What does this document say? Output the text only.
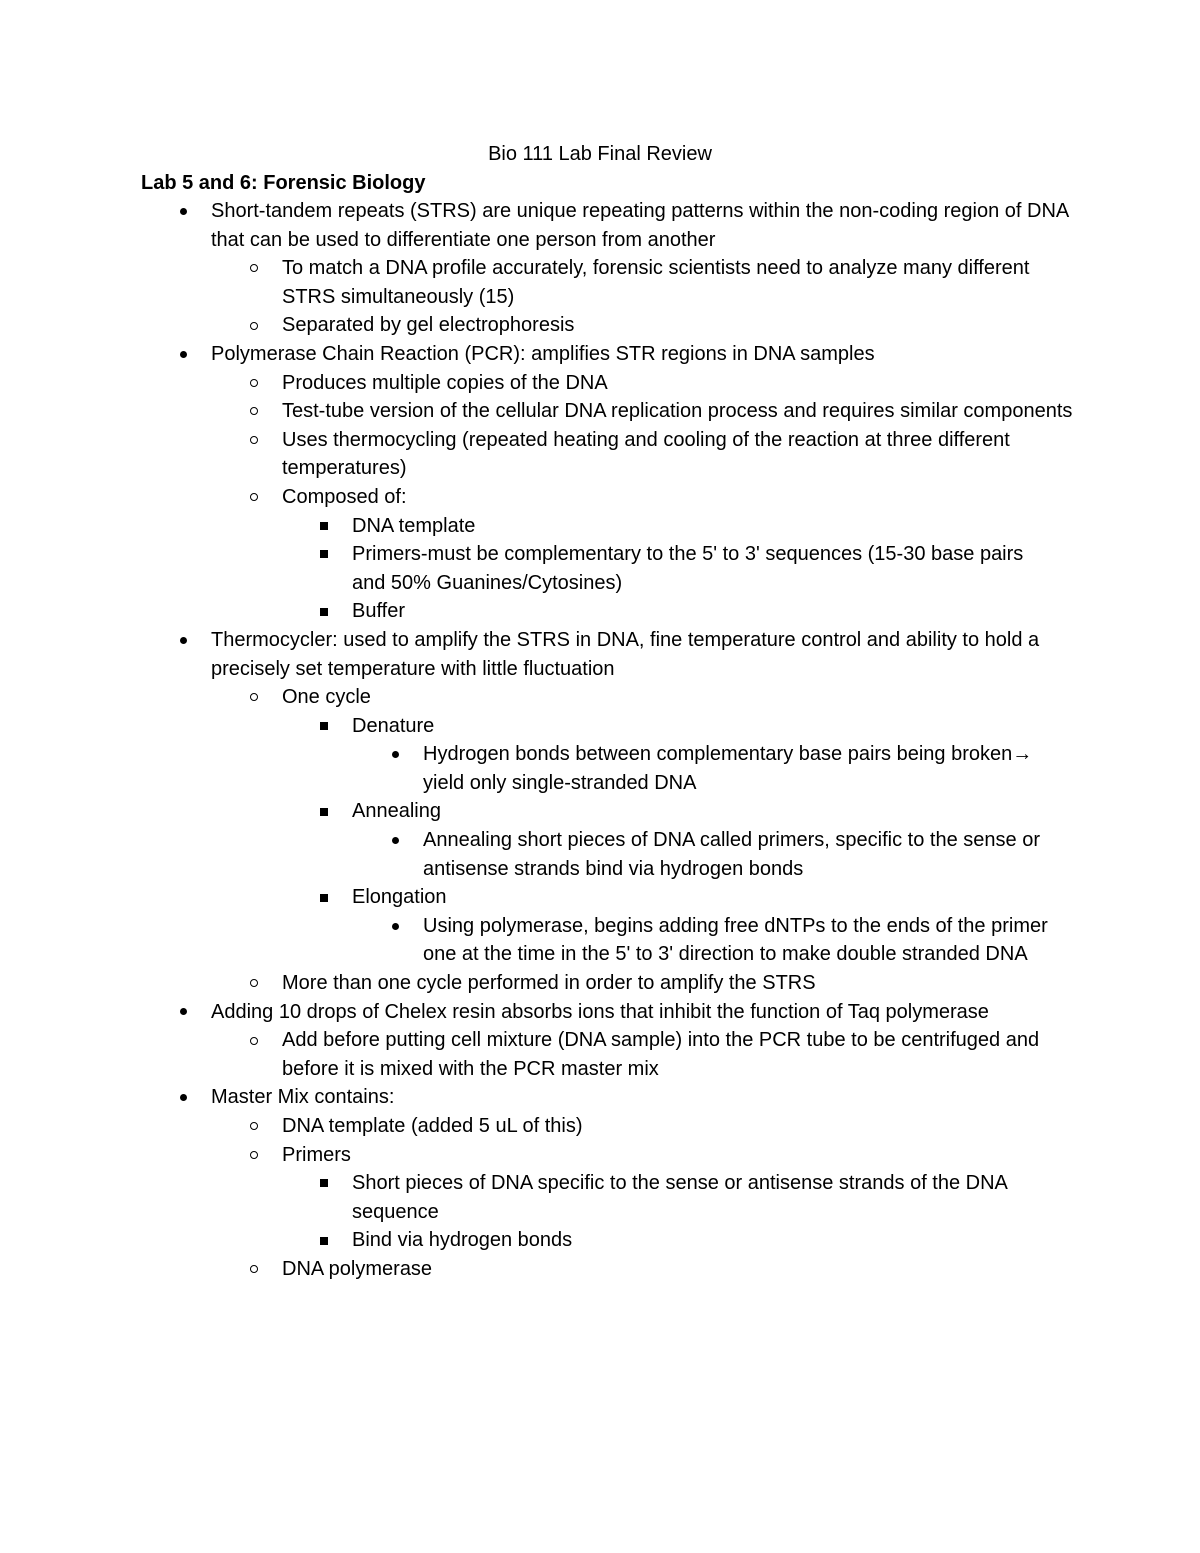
Bio 111 Lab Final Review
Lab 5 and 6: Forensic Biology
Short-tandem repeats (STRS) are unique repeating patterns within the non-coding region of DNA that can be used to differentiate one person from another
To match a DNA profile accurately, forensic scientists need to analyze many different STRS simultaneously (15)
Separated by gel electrophoresis
Polymerase Chain Reaction (PCR): amplifies STR regions in DNA samples
Produces multiple copies of the DNA
Test-tube version of the cellular DNA replication process and requires similar components
Uses thermocycling (repeated heating and cooling of the reaction at three different temperatures)
Composed of:
DNA template
Primers-must be complementary to the 5' to 3' sequences (15-30 base pairs and 50% Guanines/Cytosines)
Buffer
Thermocycler: used to amplify the STRS in DNA, fine temperature control and ability to hold a precisely set temperature with little fluctuation
One cycle
Denature
Hydrogen bonds between complementary base pairs being broken→ yield only single-stranded DNA
Annealing
Annealing short pieces of DNA called primers, specific to the sense or antisense strands bind via hydrogen bonds
Elongation
Using polymerase, begins adding free dNTPs to the ends of the primer one at the time in the 5' to 3' direction to make double stranded DNA
More than one cycle performed in order to amplify the STRS
Adding 10 drops of Chelex resin absorbs ions that inhibit the function of Taq polymerase
Add before putting cell mixture (DNA sample) into the PCR tube to be centrifuged and before it is mixed with the PCR master mix
Master Mix contains:
DNA template (added 5 uL of this)
Primers
Short pieces of DNA specific to the sense or antisense strands of the DNA sequence
Bind via hydrogen bonds
DNA polymerase
